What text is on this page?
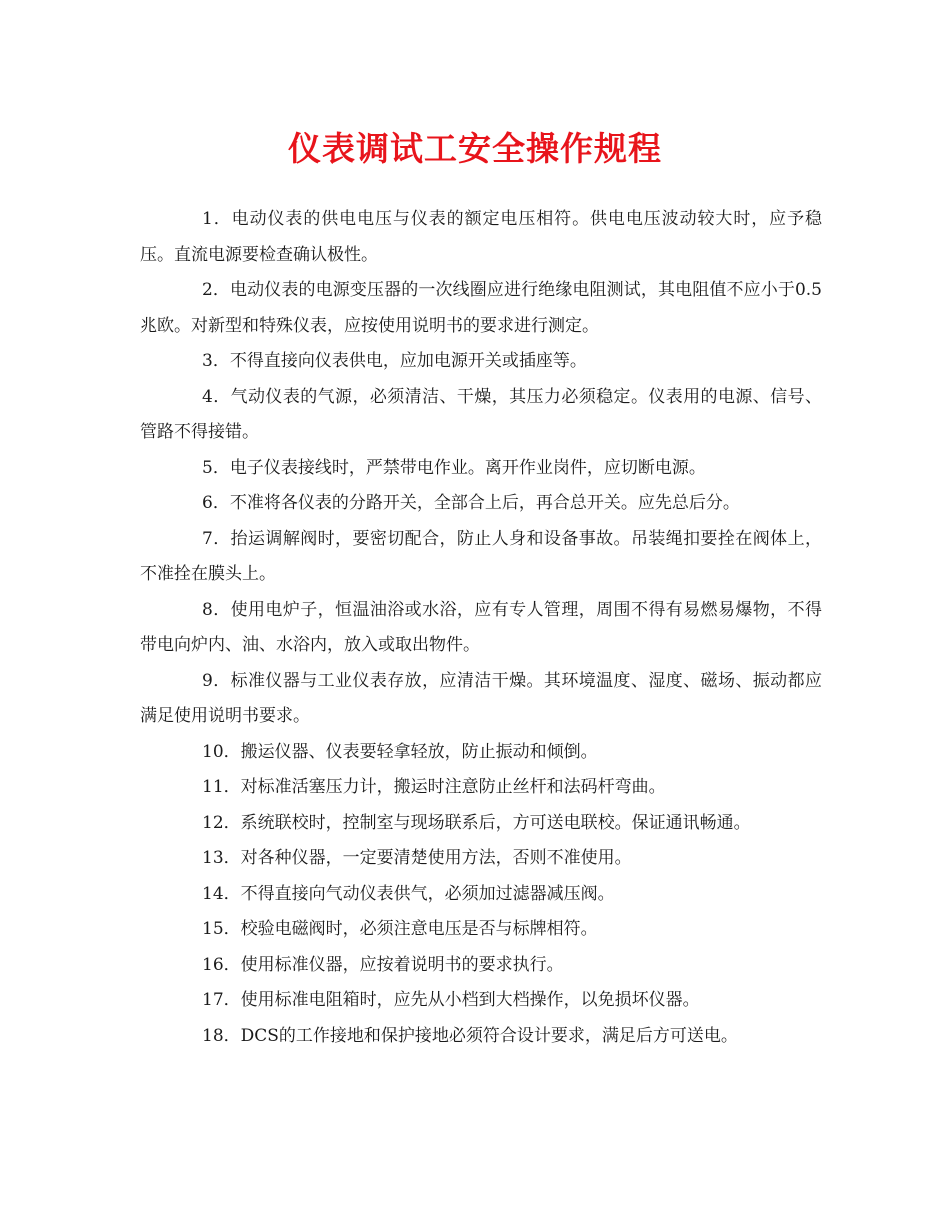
仪表调试工安全操作规程

1．电动仪表的供电电压与仪表的额定电压相符。供电电压波动较大时，应予稳压。直流电源要检查确认极性。

2．电动仪表的电源变压器的一次线圈应进行绝缘电阻测试，其电阻值不应小于0.5兆欧。对新型和特殊仪表，应按使用说明书的要求进行测定。

3．不得直接向仪表供电，应加电源开关或插座等。

4．气动仪表的气源，必须清洁、干燥，其压力必须稳定。仪表用的电源、信号、管路不得接错。

5．电子仪表接线时，严禁带电作业。离开作业岗件，应切断电源。

6．不准将各仪表的分路开关，全部合上后，再合总开关。应先总后分。

7．抬运调解阀时，要密切配合，防止人身和设备事故。吊装绳扣要拴在阀体上，不准拴在膜头上。

8．使用电炉子，恒温油浴或水浴，应有专人管理，周围不得有易燃易爆物，不得带电向炉内、油、水浴内，放入或取出物件。

9．标准仪器与工业仪表存放，应清洁干燥。其环境温度、湿度、磁场、振动都应满足使用说明书要求。

10．搬运仪器、仪表要轻拿轻放，防止振动和倾倒。

11．对标准活塞压力计，搬运时注意防止丝杆和法码杆弯曲。

12．系统联校时，控制室与现场联系后，方可送电联校。保证通讯畅通。

13．对各种仪器，一定要清楚使用方法，否则不准使用。

14．不得直接向气动仪表供气，必须加过滤器减压阀。

15．校验电磁阀时，必须注意电压是否与标牌相符。

16．使用标准仪器，应按着说明书的要求执行。

17．使用标准电阻箱时，应先从小档到大档操作，以免损坏仪器。

18．DCS的工作接地和保护接地必须符合设计要求，满足后方可送电。
